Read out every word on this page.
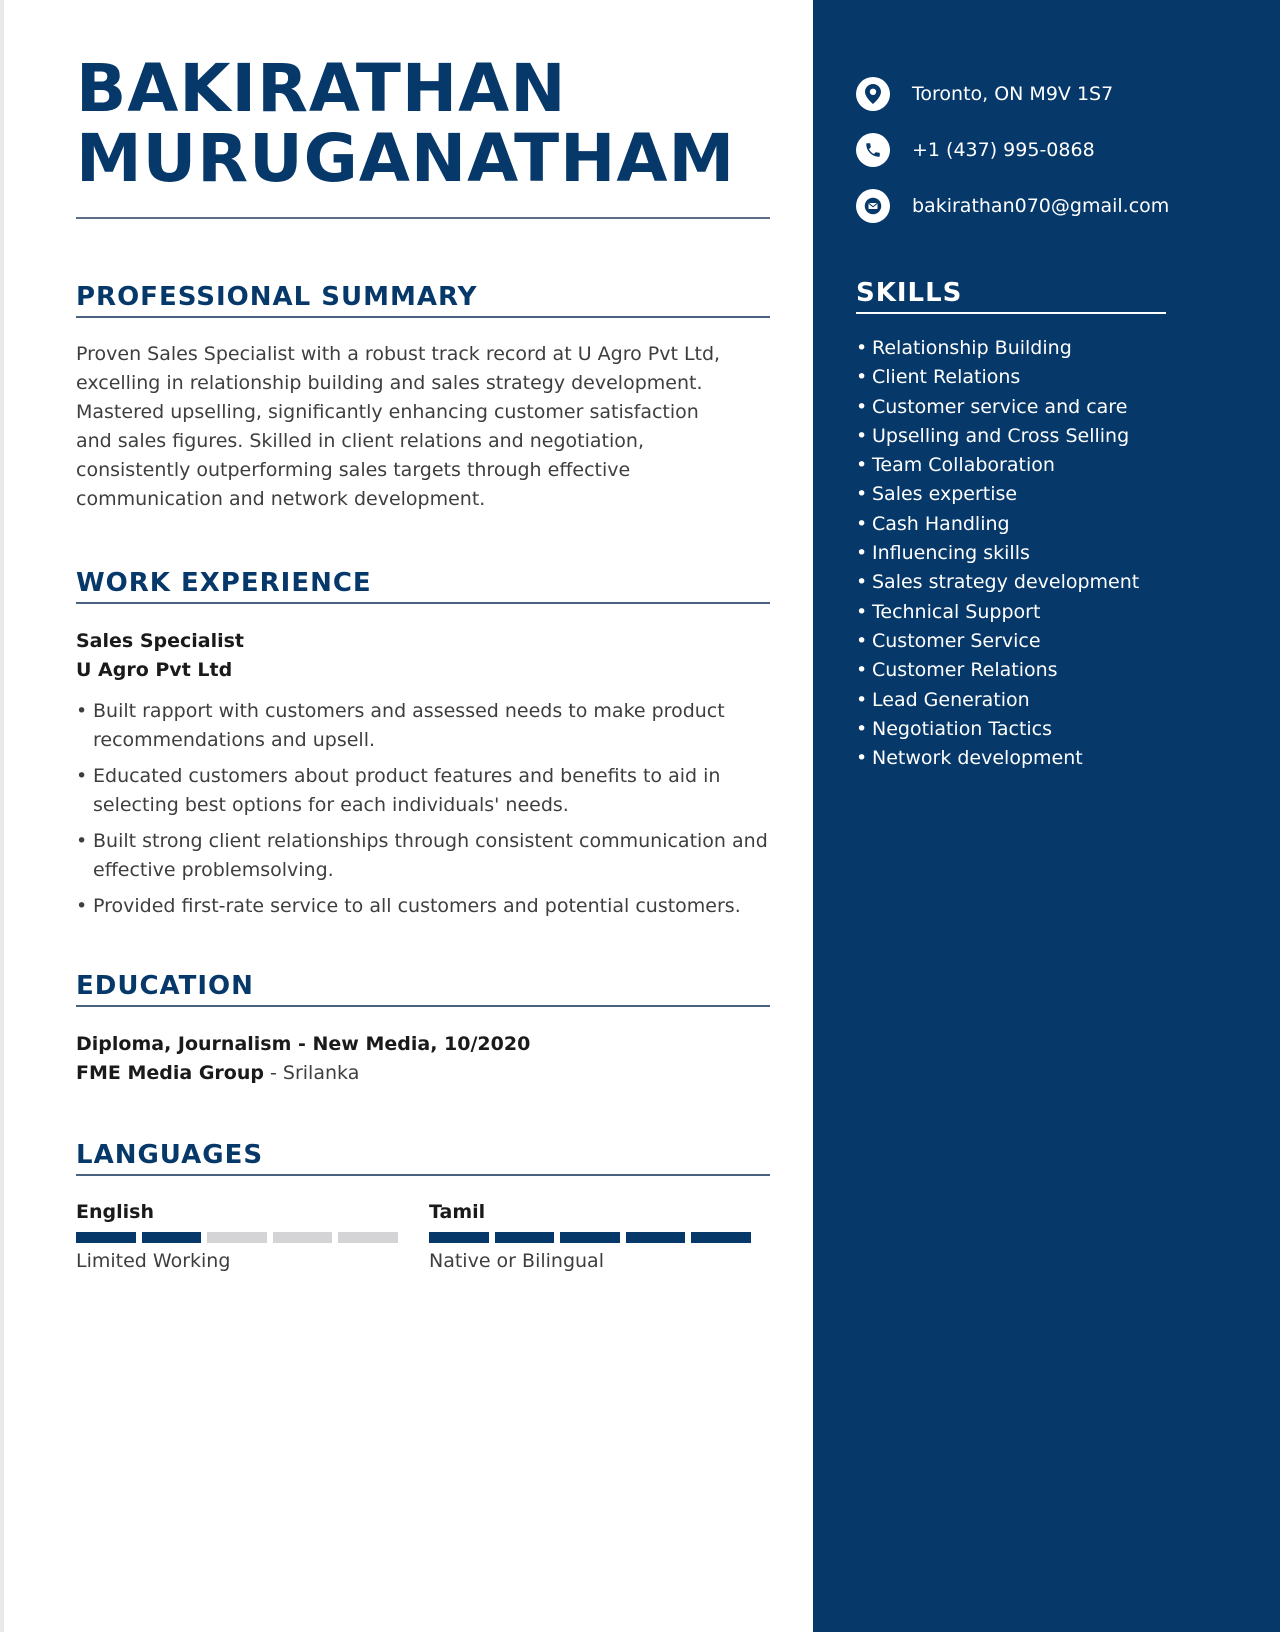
BAKIRATHAN
MURUGANATHAM
PROFESSIONAL SUMMARY
Proven Sales Specialist with a robust track record at U Agro Pvt Ltd,
excelling in relationship building and sales strategy development.
Mastered upselling, significantly enhancing customer satisfaction
and sales figures. Skilled in client relations and negotiation,
consistently outperforming sales targets through effective
communication and network development.
WORK EXPERIENCE
Sales Specialist
U Agro Pvt Ltd
• Built rapport with customers and assessed needs to make product recommendations and upsell.
• Educated customers about product features and benefits to aid in selecting best options for each individuals' needs.
• Built strong client relationships through consistent communication and effective problemsolving.
• Provided first-rate service to all customers and potential customers.
EDUCATION
Diploma, Journalism - New Media, 10/2020
FME Media Group - Srilanka
LANGUAGES
English
Limited Working
Tamil
Native or Bilingual
Toronto, ON M9V 1S7
+1 (437) 995-0868
bakirathan070@gmail.com
SKILLS
• Relationship Building
• Client Relations
• Customer service and care
• Upselling and Cross Selling
• Team Collaboration
• Sales expertise
• Cash Handling
• Influencing skills
• Sales strategy development
• Technical Support
• Customer Service
• Customer Relations
• Lead Generation
• Negotiation Tactics
• Network development
